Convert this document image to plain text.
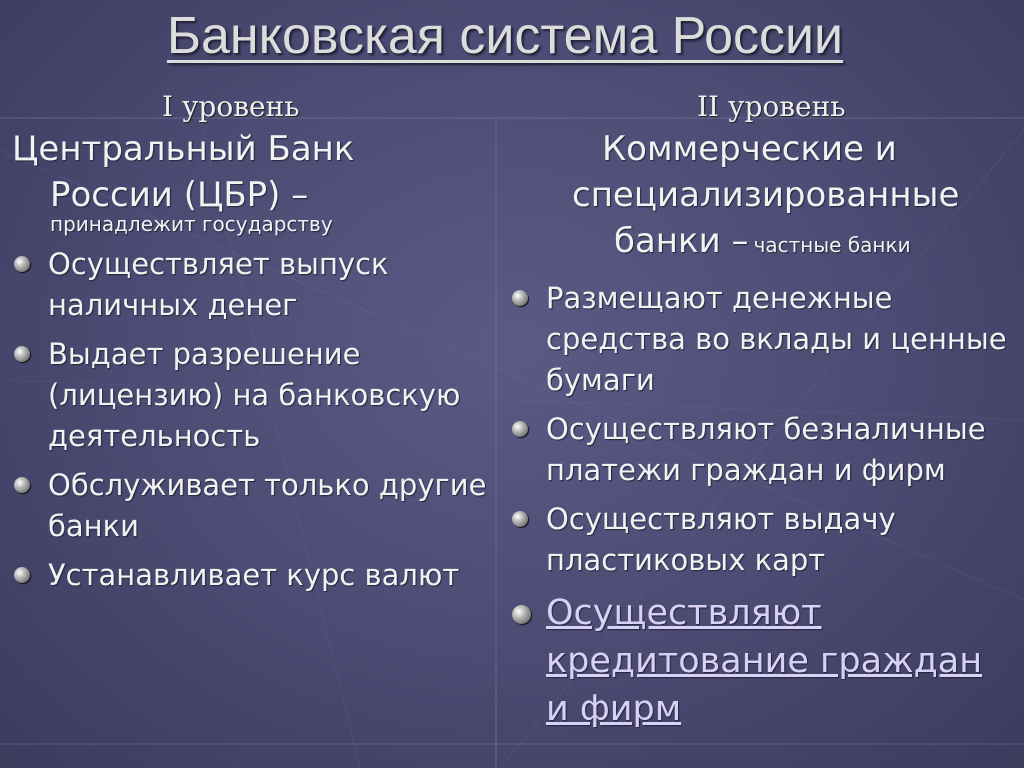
Банковская система России
I уровень	II уровень
Центральный Банк
России (ЦБР) –
принадлежит государству
Осуществляет выпуск наличных денег
Выдает разрешение (лицензию) на банковскую деятельность
Обслуживает только другие банки
Устанавливает курс валют
Коммерческие и
специализированные
банки – частные банки
Размещают денежные средства во вклады и ценные бумаги
Осуществляют безналичные платежи граждан и фирм
Осуществляют выдачу пластиковых карт
Осуществляют кредитование граждан и фирм
